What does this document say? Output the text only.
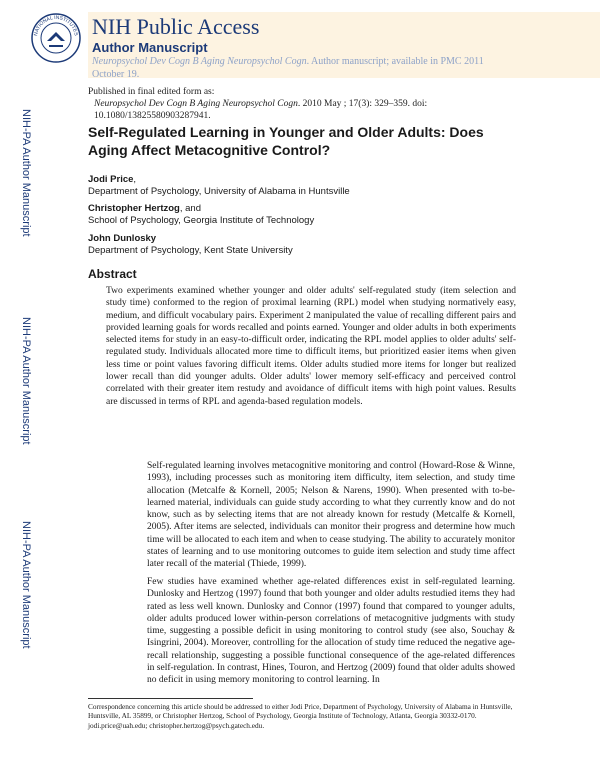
NATIONAL INSTITUTES NIH Public Access
Author Manuscript
Neuropsychol Dev Cogn B Aging Neuropsychol Cogn. Author manuscript; available in PMC 2011 October 19.
NIH-PA Author Manuscript
NIH-PA Author Manuscript
NIH-PA Author Manuscript
Published in final edited form as:
Neuropsychol Dev Cogn B Aging Neuropsychol Cogn. 2010 May ; 17(3): 329–359. doi:
10.1080/13825580903287941.
Self-Regulated Learning in Younger and Older Adults: Does Aging Affect Metacognitive Control?
Jodi Price,
Department of Psychology, University of Alabama in Huntsville
Christopher Hertzog, and
School of Psychology, Georgia Institute of Technology
John Dunlosky
Department of Psychology, Kent State University
Abstract
Two experiments examined whether younger and older adults' self-regulated study (item selection and study time) conformed to the region of proximal learning (RPL) model when studying normatively easy, medium, and difficult vocabulary pairs. Experiment 2 manipulated the value of recalling different pairs and provided learning goals for words recalled and points earned. Younger and older adults in both experiments selected items for study in an easy-to-difficult order, indicating the RPL model applies to older adults' self-regulated study. Individuals allocated more time to difficult items, but prioritized easier items when given less time or point values favoring difficult items. Older adults studied more items for longer but realized lower recall than did younger adults. Older adults' lower memory self-efficacy and perceived control correlated with their greater item restudy and avoidance of difficult items with high point values. Results are discussed in terms of RPL and agenda-based regulation models.
Self-regulated learning involves metacognitive monitoring and control (Howard-Rose & Winne, 1993), including processes such as monitoring item difficulty, item selection, and study time allocation (Metcalfe & Kornell, 2005; Nelson & Narens, 1990). When presented with to-be-learned material, individuals can guide study according to what they currently know and do not know, such as by selecting items that are not already known for restudy (Metcalfe & Kornell, 2005). After items are selected, individuals can monitor their progress and determine how much time will be allocated to each item and when to cease studying. The ability to accurately monitor states of learning and to use monitoring outcomes to guide item selection and study time affect later recall of the material (Thiede, 1999).
Few studies have examined whether age-related differences exist in self-regulated learning. Dunlosky and Hertzog (1997) found that both younger and older adults restudied items they had rated as less well known. Dunlosky and Connor (1997) found that compared to younger adults, older adults produced lower within-person correlations of metacognitive judgments with study time, suggesting a possible deficit in using monitoring to control study (see also, Souchay & Isingrini, 2004). Moreover, controlling for the allocation of study time reduced the negative age-recall relationship, suggesting a possible functional consequence of the age-related differences in self-regulation. In contrast, Hines, Touron, and Hertzog (2009) found that older adults showed no deficit in using memory monitoring to control learning. In
Correspondence concerning this article should be addressed to either Jodi Price, Department of Psychology, University of Alabama in Huntsville, Huntsville, AL 35899, or Christopher Hertzog, School of Psychology, Georgia Institute of Technology, Atlanta, Georgia 30332-0170. jodi.price@uah.edu; christopher.hertzog@psych.gatech.edu.
